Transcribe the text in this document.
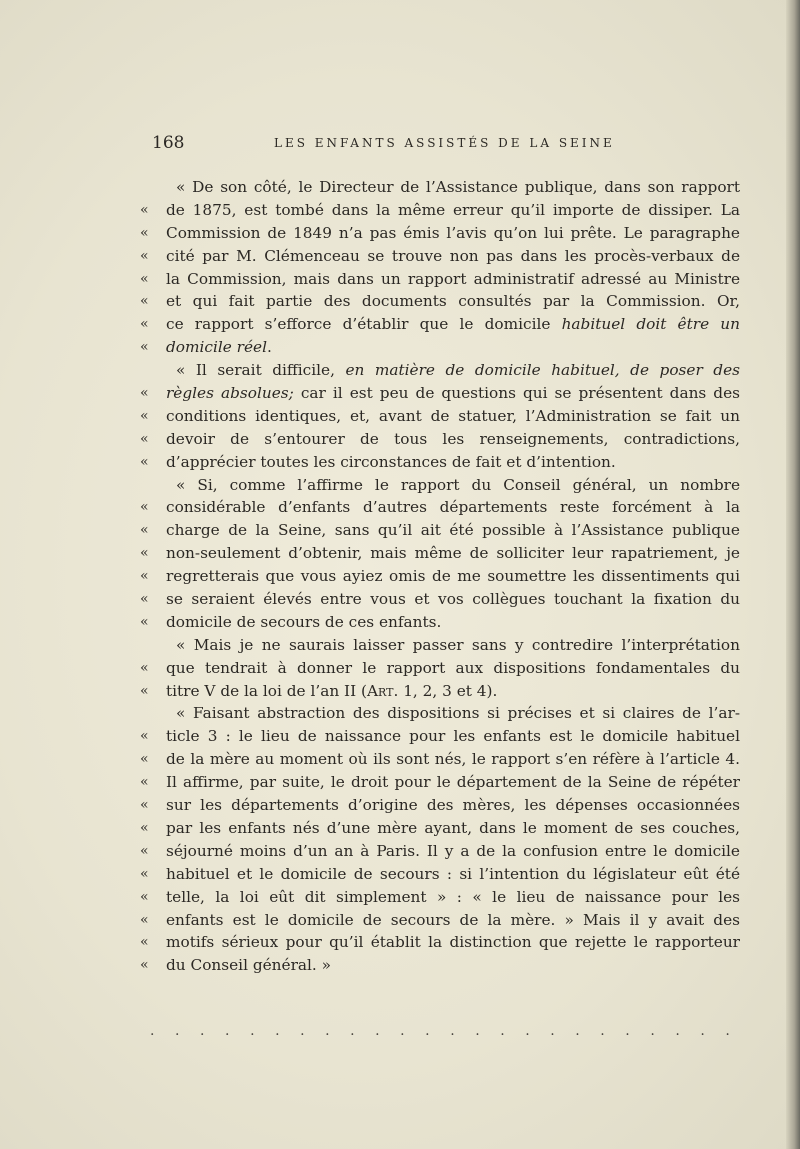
168	LES ENFANTS ASSISTÉS DE LA SEINE
« De son côté, le Directeur de l’Assistance publique, dans son rapport
«	de 1875, est tombé dans la même erreur qu’il importe de dissiper. La
«	Commission de 1849 n’a pas émis l’avis qu’on lui prête. Le paragraphe
«	cité par M. Clémenceau se trouve non pas dans les procès-verbaux de
«	la Commission, mais dans un rapport administratif adressé au Ministre
«	et qui fait partie des documents consultés par la Commission. Or,
«	ce rapport s’efforce d’établir que le domicile habituel doit être un
«	domicile réel.
« Il serait difficile, en matière de domicile habituel, de poser des
«	règles absolues; car il est peu de questions qui se présentent dans des
«	conditions identiques, et, avant de statuer, l’Administration se fait un
«	devoir de s’entourer de tous les renseignements, contradictions,
«	d’apprécier toutes les circonstances de fait et d’intention.
« Si, comme l’affirme le rapport du Conseil général, un nombre
«	considérable d’enfants d’autres départements reste forcément à la
«	charge de la Seine, sans qu’il ait été possible à l’Assistance publique
«	non-seulement d’obtenir, mais même de solliciter leur rapatriement, je
«	regretterais que vous ayiez omis de me soumettre les dissentiments qui
«	se seraient élevés entre vous et vos collègues touchant la fixation du
«	domicile de secours de ces enfants.
« Mais je ne saurais laisser passer sans y contredire l’interprétation
«	que tendrait à donner le rapport aux dispositions fondamentales du
«	titre V de la loi de l’an II (Art. 1, 2, 3 et 4).
« Faisant abstraction des dispositions si précises et si claires de l’ar-
«	ticle 3 : le lieu de naissance pour les enfants est le domicile habituel
«	de la mère au moment où ils sont nés, le rapport s’en réfère à l’article 4.
«	Il affirme, par suite, le droit pour le département de la Seine de répéter
«	sur les départements d’origine des mères, les dépenses occasionnées
«	par les enfants nés d’une mère ayant, dans le moment de ses couches,
«	séjourné moins d’un an à Paris. Il y a de la confusion entre le domicile
«	habituel et le domicile de secours : si l’intention du législateur eût été
«	telle, la loi eût dit simplement » : « le lieu de naissance pour les
«	enfants est le domicile de secours de la mère. » Mais il y avait des
«	motifs sérieux pour qu’il établit la distinction que rejette le rapporteur
«	du Conseil général. »
. . . . . . . . . . . . . . . . . . . . . . . .
